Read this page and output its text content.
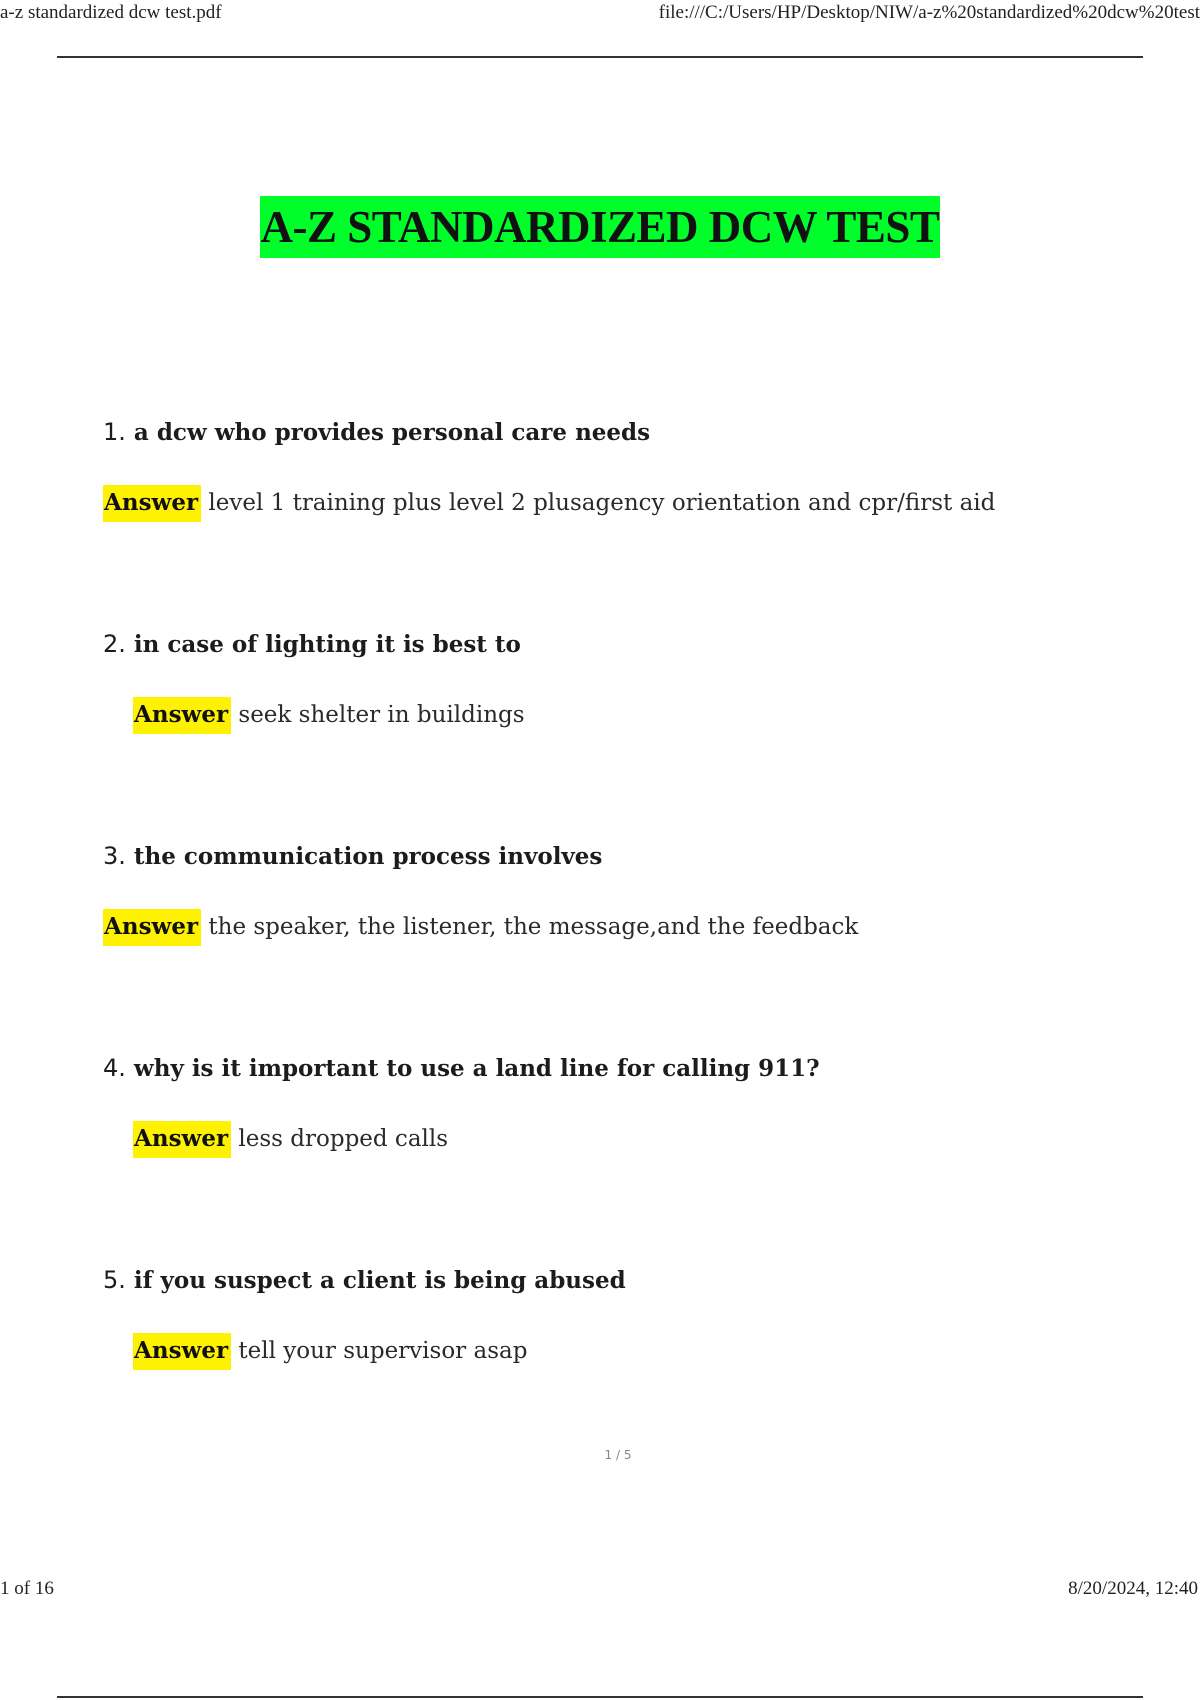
a-z standardized dcw test.pdf	file:///C:/Users/HP/Desktop/NIW/a-z%20standardized%20dcw%20test
A-Z STANDARDIZED DCW TEST
1. a dcw who provides personal care needs
Answer level 1 training plus level 2 plusagency orientation and cpr/first aid
2. in case of lighting it is best to
Answer seek shelter in buildings
3. the communication process involves
Answer the speaker, the listener, the message,and the feedback
4. why is it important to use a land line for calling 911?
Answer less dropped calls
5. if you suspect a client is being abused
Answer tell your supervisor asap
1 / 5
1 of 16	8/20/2024, 12:40
